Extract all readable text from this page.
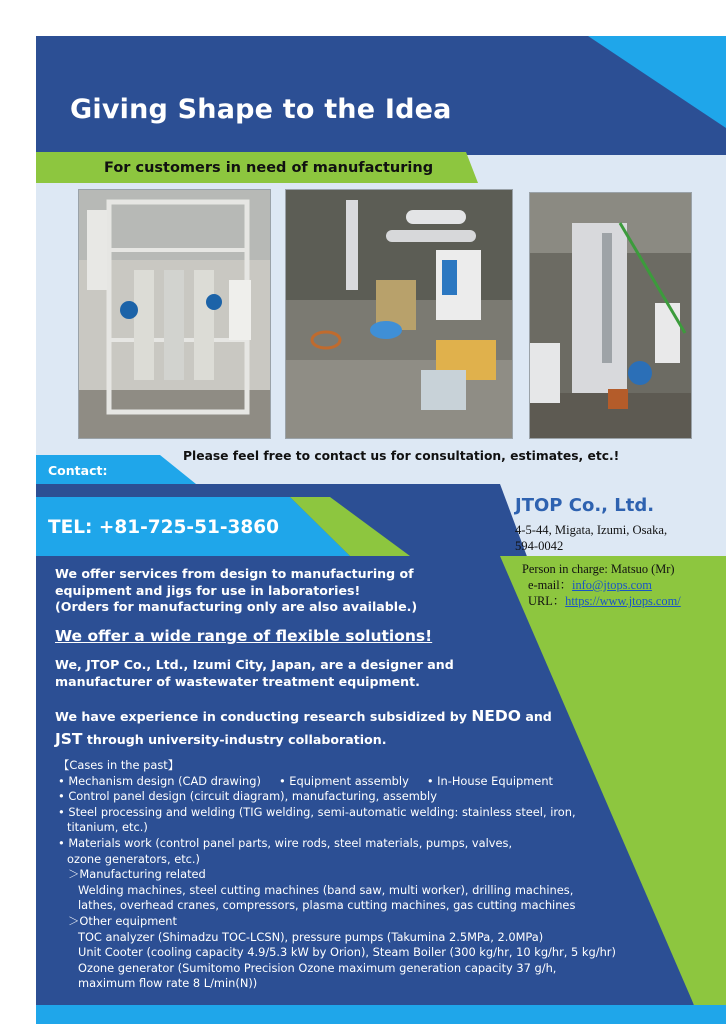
Giving Shape to the Idea
For customers in need of manufacturing
Contact:
Please feel free to contact us for consultation, estimates, etc.!
TEL: +81-725-51-3860
JTOP Co., Ltd.
4-5-44, Migata, Izumi, Osaka,
594-0042
Person in charge: Matsuo (Mr)
e-mail：info@jtops.com
URL：https://www.jtops.com/
We offer services from design to manufacturing of
equipment and jigs for use in laboratories!
(Orders for manufacturing only are also available.)
We offer a wide range of flexible solutions!
We, JTOP Co., Ltd., Izumi City, Japan, are a designer and
manufacturer of wastewater treatment equipment.
We have experience in conducting research subsidized by NEDO and
JST through university-industry collaboration.
【Cases in the past】
• Mechanism design (CAD drawing) • Equipment assembly • In-House Equipment
• Control panel design (circuit diagram), manufacturing, assembly
• Steel processing and welding (TIG welding, semi-automatic welding: stainless steel, iron,
titanium, etc.)
• Materials work (control panel parts, wire rods, steel materials, pumps, valves,
ozone generators, etc.)
＞Manufacturing related
Welding machines, steel cutting machines (band saw, multi worker), drilling machines,
lathes, overhead cranes, compressors, plasma cutting machines, gas cutting machines
＞Other equipment
TOC analyzer (Shimadzu TOC-LCSN), pressure pumps (Takumina 2.5MPa, 2.0MPa)
Unit Cooter (cooling capacity 4.9/5.3 kW by Orion), Steam Boiler (300 kg/hr, 10 kg/hr, 5 kg/hr)
Ozone generator (Sumitomo Precision Ozone maximum generation capacity 37 g/h,
maximum flow rate 8 L/min(N))
